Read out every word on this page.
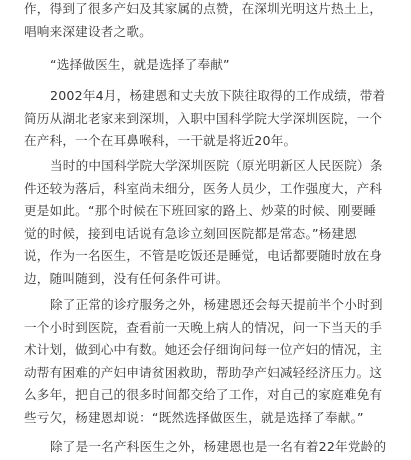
作，得到了很多产妇及其家属的点赞，在深圳光明这片热土上，
唱响来深建设者之歌。

“选择做医生，就是选择了奉献”

2002年4月，杨建恩和丈夫放下陕往取得的工作成绩，带着
简历从湖北老家来到深圳，入职中国科学院大学深圳医院，一个
在产科，一个在耳鼻喉科，一干就是将近20年。

当时的中国科学院大学深圳医院（原光明新区人民医院）条
件还较为落后，科室尚未细分，医务人员少，工作强度大，产科
更是如此。“那个时候在下班回家的路上、炒菜的时候、刚要睡
觉的时候，接到电话说有急诊立刻回医院都是常态。”杨建恩
说，作为一名医生，不管是吃饭还是睡觉，电话都要随时放在身
边，随叫随到，没有任何条件可讲。

除了正常的诊疗服务之外，杨建恩还会每天提前半个小时到
一个小时到医院，查看前一天晚上病人的情况，问一下当天的手
术计划，做到心中有数。她还会仔细询问每一位产妇的情况，主
动帮有困难的产妇申请贫困救助，帮助孕产妇减轻经济压力。这
么多年，把自己的很多时间都交给了工作，对自己的家庭难免有
些亏欠，杨建恩却说：“既然选择做医生，就是选择了奉献。”

除了是一名产科医生之外，杨建恩也是一名有着22年党龄的
